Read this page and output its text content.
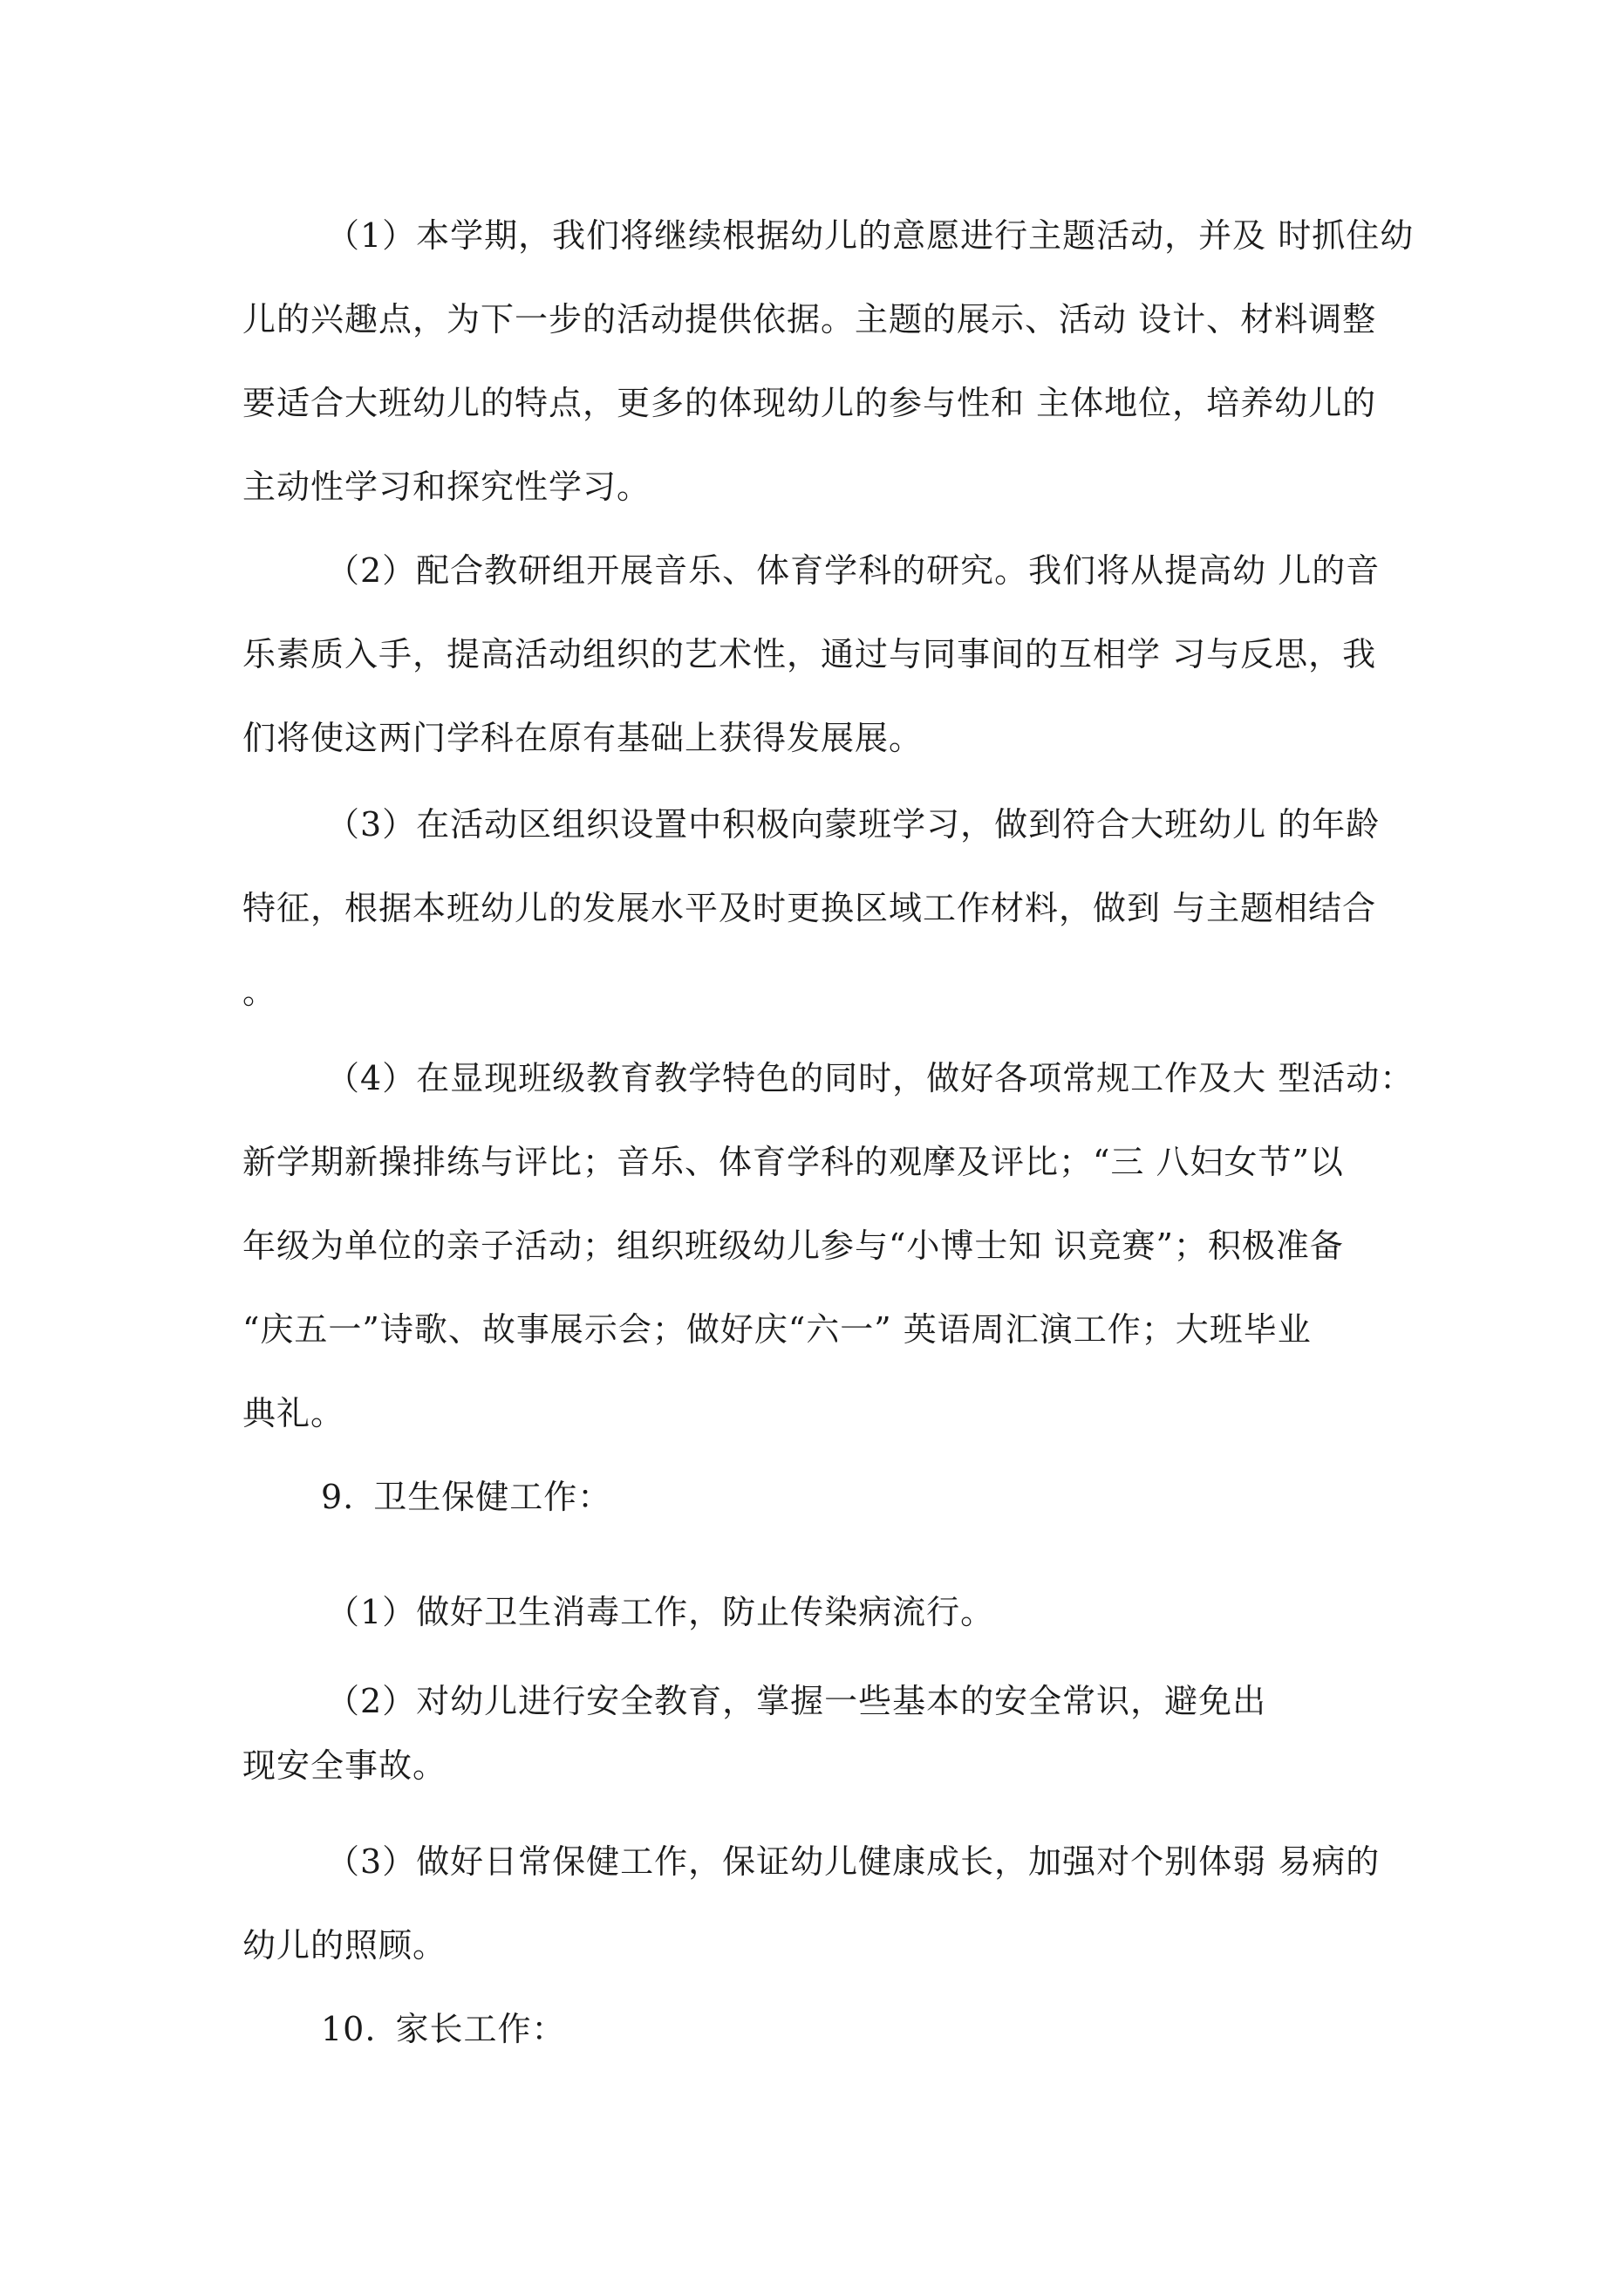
（1）本学期，我们将继续根据幼儿的意愿进行主题活动，并及 时抓住幼
儿的兴趣点，为下一步的活动提供依据。主题的展示、活动 设计、材料调整
要适合大班幼儿的特点，更多的体现幼儿的参与性和 主体地位，培养幼儿的
主动性学习和探究性学习。
（2）配合教研组开展音乐、体育学科的研究。我们将从提高幼 儿的音
乐素质入手，提高活动组织的艺术性，通过与同事间的互相学 习与反思，我
们将使这两门学科在原有基础上获得发展展。
（3）在活动区组织设置中积极向蒙班学习，做到符合大班幼儿 的年龄
特征，根据本班幼儿的发展水平及时更换区域工作材料，做到 与主题相结合
。
（4）在显现班级教育教学特色的同时，做好各项常规工作及大 型活动：
新学期新操排练与评比；音乐、体育学科的观摩及评比；“三 八妇女节”以
年级为单位的亲子活动；组织班级幼儿参与“小博士知 识竞赛”；积极准备
“庆五一”诗歌、故事展示会；做好庆“六一” 英语周汇演工作；大班毕业
典礼。
9. 卫生保健工作：
（1）做好卫生消毒工作，防止传染病流行。
（2）对幼儿进行安全教育，掌握一些基本的安全常识，避免出
现安全事故。
（3）做好日常保健工作，保证幼儿健康成长，加强对个别体弱 易病的
幼儿的照顾。
10. 家长工作：
